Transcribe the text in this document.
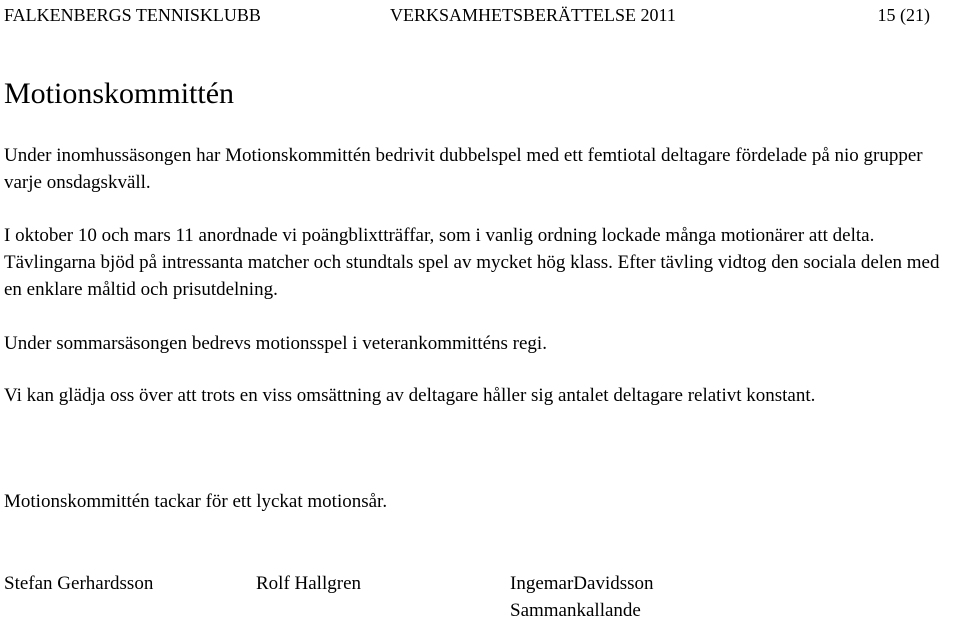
FALKENBERGS TENNISKLUBB	VERKSAMHETSBERÄTTELSE 2011	15 (21)
Motionskommittén

Under inomhussäsongen har Motionskommittén bedrivit dubbelspel med ett femtiotal deltagare fördelade på nio grupper varje onsdagskväll.

I oktober 10 och mars 11 anordnade vi poängblixtträffar, som i vanlig ordning lockade många motionärer att delta. Tävlingarna bjöd på intressanta matcher och stundtals spel av mycket hög klass. Efter tävling vidtog den sociala delen med en enklare måltid och prisutdelning.

Under sommarsäsongen bedrevs motionsspel i veterankommitténs regi.

Vi kan glädja oss över att trots en viss omsättning av deltagare håller sig antalet deltagare relativt konstant.

Motionskommittén tackar för ett lyckat motionsår.

Stefan Gerhardsson	Rolf Hallgren	IngemarDavidsson
Sammankallande
